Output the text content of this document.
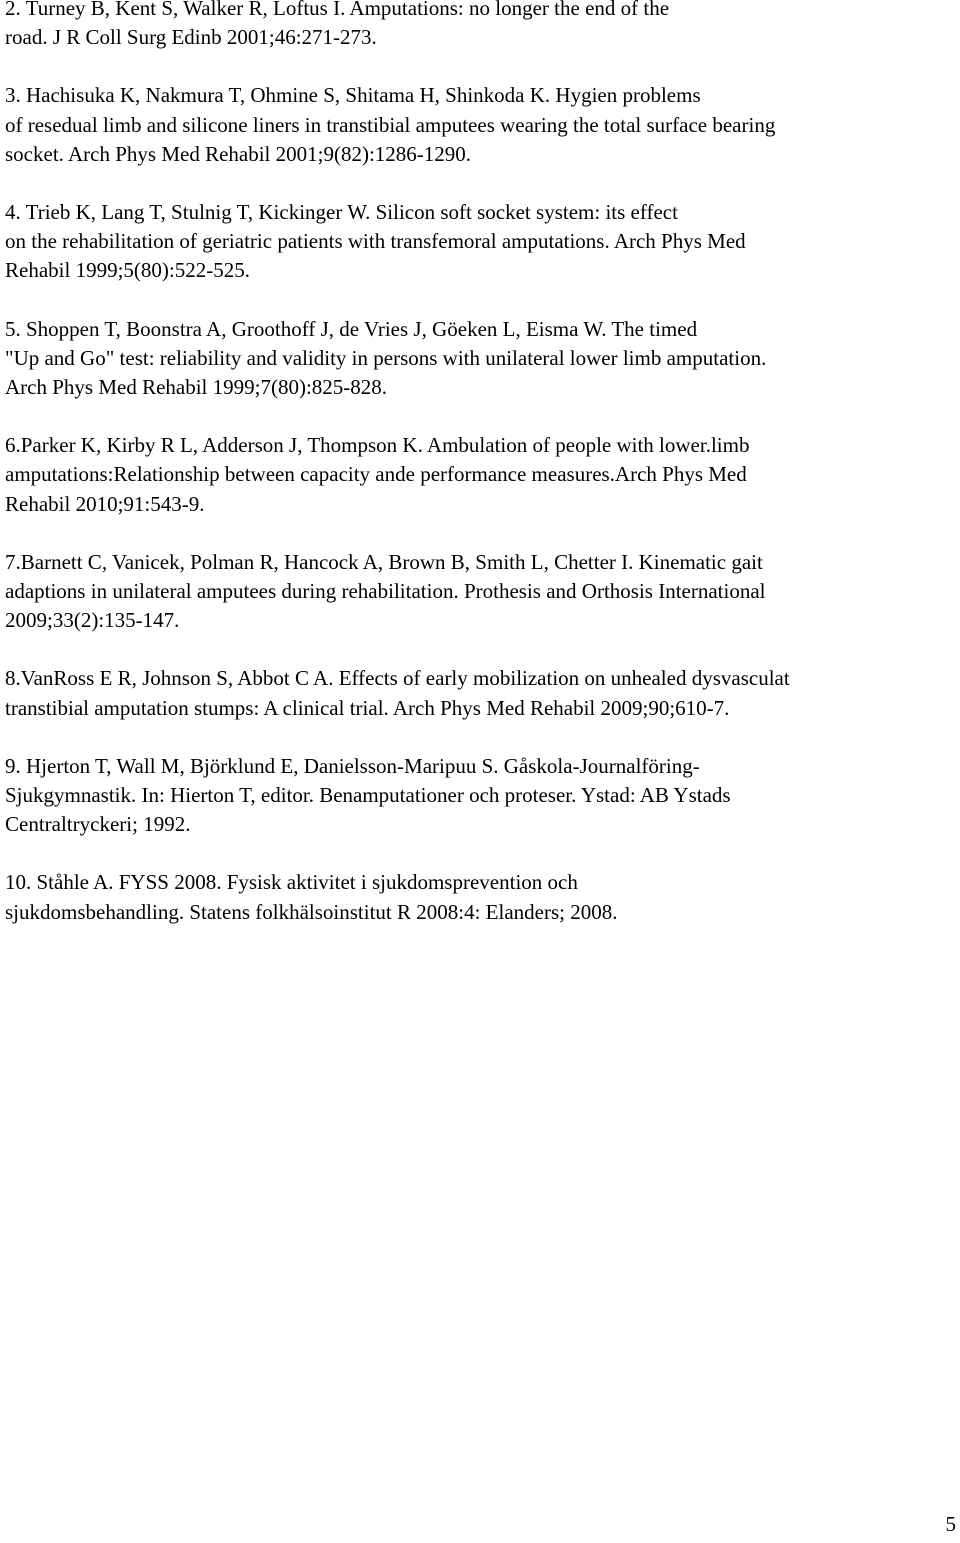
2. Turney B, Kent S, Walker R, Loftus I. Amputations: no longer the end of the
road. J R Coll Surg Edinb 2001;46:271-273.

3. Hachisuka K, Nakmura T, Ohmine S, Shitama H, Shinkoda K. Hygien problems
of resedual limb and silicone liners in transtibial amputees wearing the total surface bearing
socket. Arch Phys Med Rehabil 2001;9(82):1286-1290.

4. Trieb K, Lang T, Stulnig T, Kickinger W. Silicon soft socket system: its effect
on the rehabilitation of geriatric patients with transfemoral amputations. Arch Phys Med
Rehabil 1999;5(80):522-525.

5. Shoppen T, Boonstra A, Groothoff J, de Vries J, Göeken L, Eisma W. The timed
"Up and Go" test: reliability and validity in persons with unilateral lower limb amputation.
Arch Phys Med Rehabil 1999;7(80):825-828.

6.Parker K, Kirby R L, Adderson J, Thompson K. Ambulation of people with lower.limb
amputations:Relationship between capacity ande performance measures.Arch Phys Med
Rehabil 2010;91:543-9.

7.Barnett C, Vanicek, Polman R, Hancock A, Brown B, Smith L, Chetter I. Kinematic gait
adaptions in unilateral amputees during rehabilitation. Prothesis and Orthosis International
2009;33(2):135-147.

8.VanRoss E R, Johnson S, Abbot C A. Effects of early mobilization on unhealed dysvasculat
transtibial amputation stumps: A clinical trial. Arch Phys Med Rehabil 2009;90;610-7.

9. Hjerton T, Wall M, Björklund E, Danielsson-Maripuu S. Gåskola-Journalföring-
Sjukgymnastik. In: Hierton T, editor. Benamputationer och proteser. Ystad: AB Ystads
Centraltryckeri; 1992.

10. Ståhle A. FYSS 2008. Fysisk aktivitet i sjukdomsprevention och
sjukdomsbehandling. Statens folkhälsoinstitut R 2008:4: Elanders; 2008.

5
